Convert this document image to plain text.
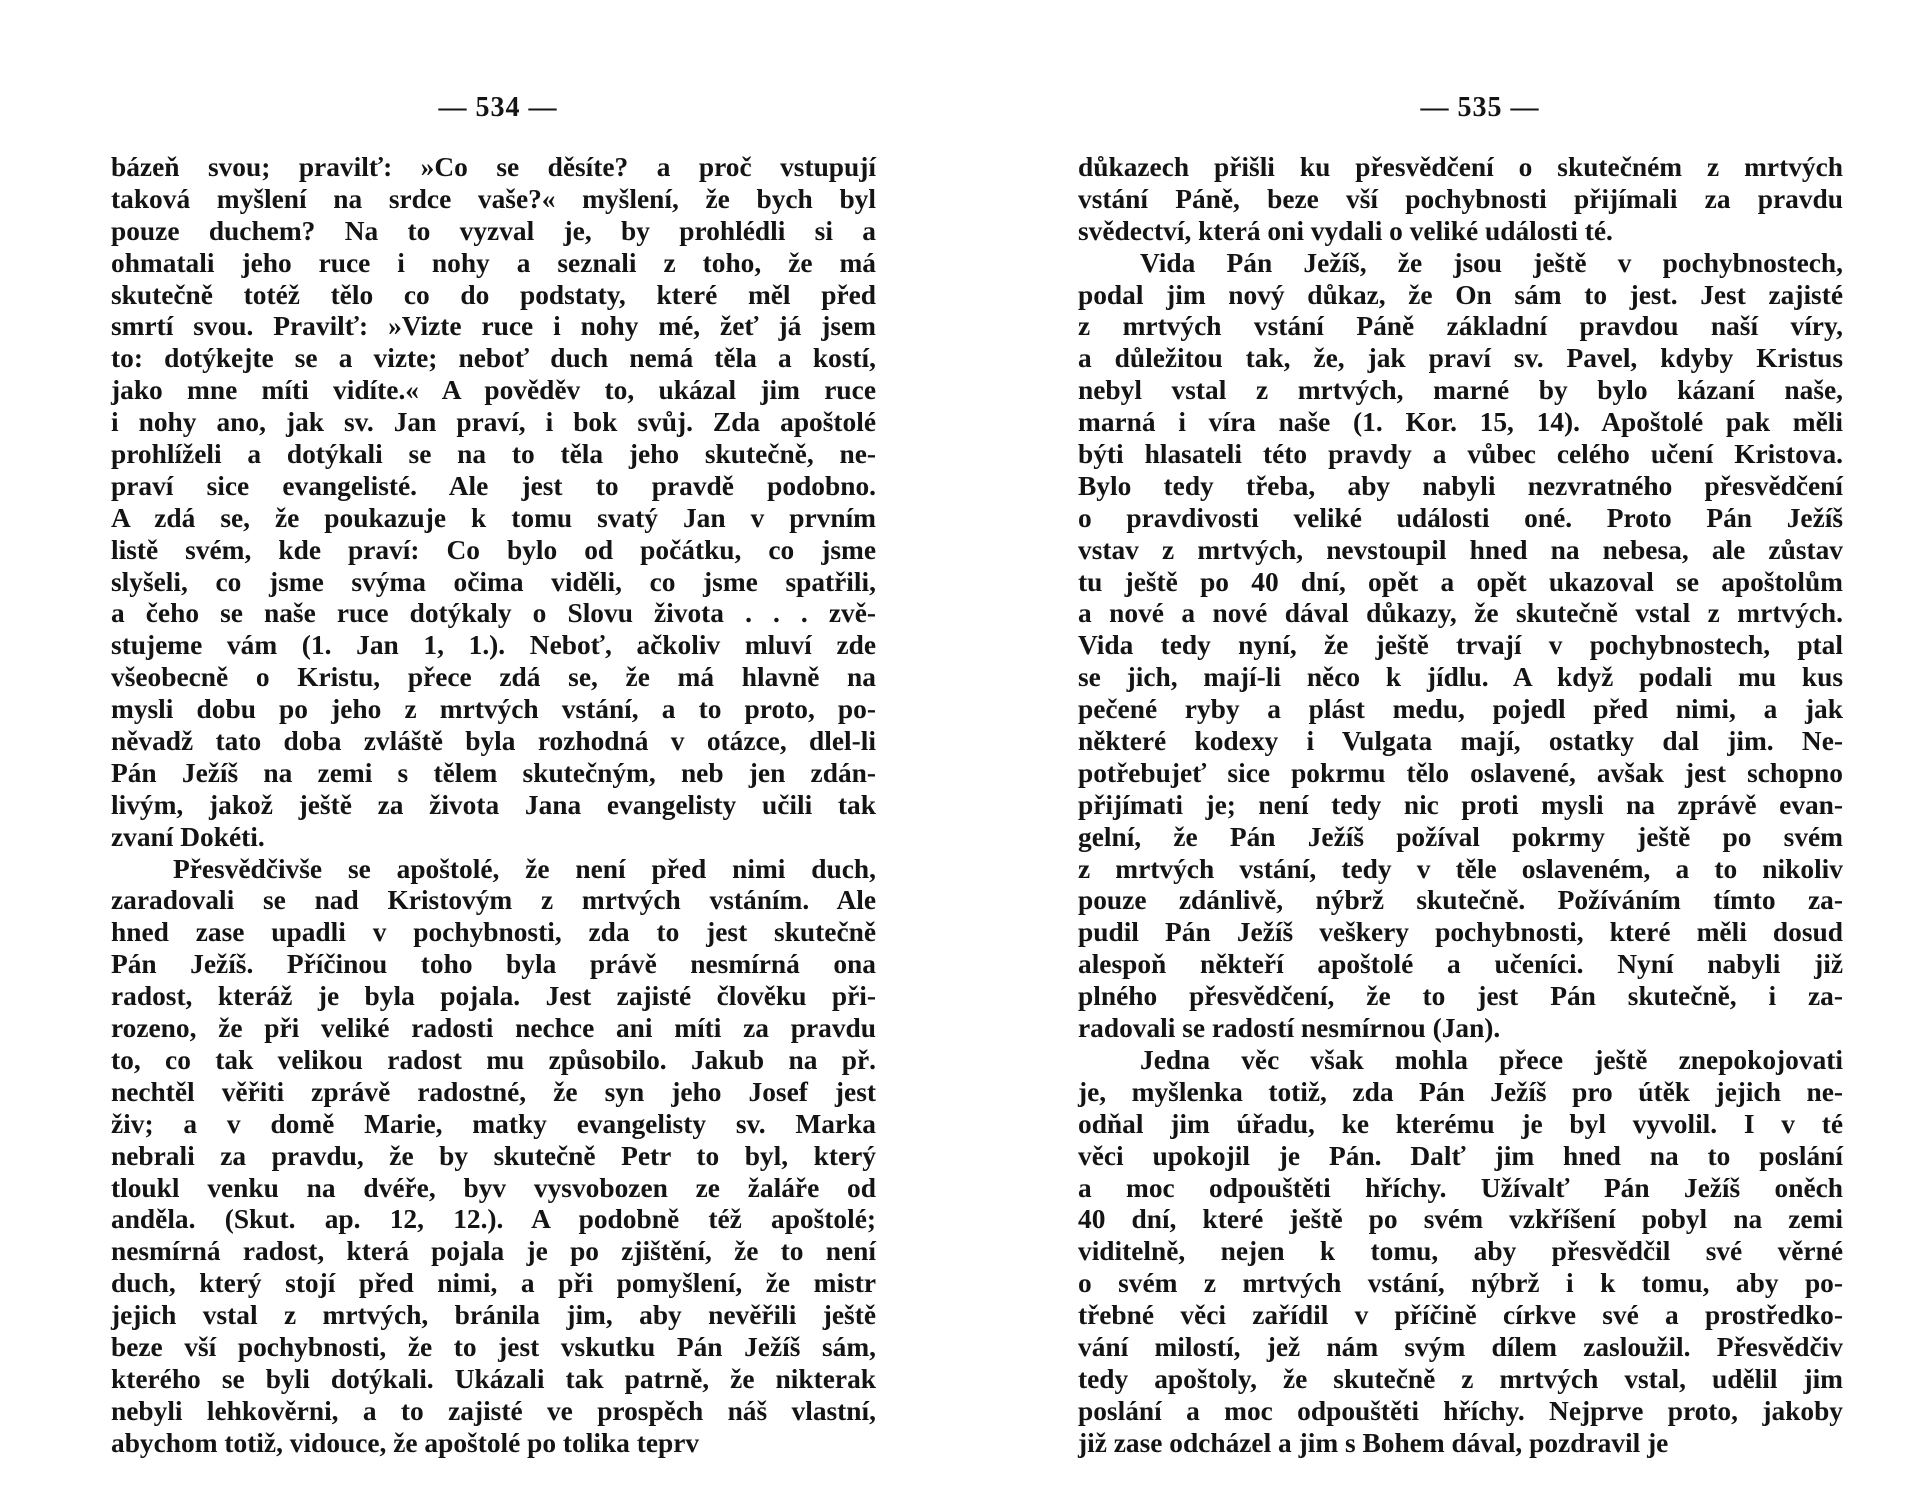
— 534 —
bázeň svou; pravilť: »Co se děsíte? a proč vstupují
taková myšlení na srdce vaše?« myšlení, že bych byl
pouze duchem? Na to vyzval je, by prohlédli si a
ohmatali jeho ruce i nohy a seznali z toho, že má
skutečně totéž tělo co do podstaty, které měl před
smrtí svou. Pravilť: »Vizte ruce i nohy mé, žeť já jsem
to: dotýkejte se a vizte; neboť duch nemá těla a kostí,
jako mne míti vidíte.« A pověděv to, ukázal jim ruce
i nohy ano, jak sv. Jan praví, i bok svůj. Zda apoštolé
prohlíželi a dotýkali se na to těla jeho skutečně, ne-
praví sice evangelisté. Ale jest to pravdě podobno.
A zdá se, že poukazuje k tomu svatý Jan v prvním
listě svém, kde praví: Co bylo od počátku, co jsme
slyšeli, co jsme svýma očima viděli, co jsme spatřili,
a čeho se naše ruce dotýkaly o Slovu života . . . zvě-
stujeme vám (1. Jan 1, 1.). Neboť, ačkoliv mluví zde
všeobecně o Kristu, přece zdá se, že má hlavně na
mysli dobu po jeho z mrtvých vstání, a to proto, po-
něvadž tato doba zvláště byla rozhodná v otázce, dlel-li
Pán Ježíš na zemi s tělem skutečným, neb jen zdán-
livým, jakož ještě za života Jana evangelisty učili tak
zvaní Dokéti.
Přesvědčivše se apoštolé, že není před nimi duch,
zaradovali se nad Kristovým z mrtvých vstáním. Ale
hned zase upadli v pochybnosti, zda to jest skutečně
Pán Ježíš. Příčinou toho byla právě nesmírná ona
radost, kteráž je byla pojala. Jest zajisté člověku při-
rozeno, že při veliké radosti nechce ani míti za pravdu
to, co tak velikou radost mu způsobilo. Jakub na př.
nechtěl věřiti zprávě radostné, že syn jeho Josef jest
živ; a v domě Marie, matky evangelisty sv. Marka
nebrali za pravdu, že by skutečně Petr to byl, který
tloukl venku na dvéře, byv vysvobozen ze žaláře od
anděla. (Skut. ap. 12, 12.). A podobně též apoštolé;
nesmírná radost, která pojala je po zjištění, že to není
duch, který stojí před nimi, a při pomyšlení, že mistr
jejich vstal z mrtvých, bránila jim, aby nevěřili ještě
beze vší pochybnosti, že to jest vskutku Pán Ježíš sám,
kterého se byli dotýkali. Ukázali tak patrně, že nikterak
nebyli lehkověrni, a to zajisté ve prospěch náš vlastní,
abychom totiž, vidouce, že apoštolé po tolika teprv
— 535 —
důkazech přišli ku přesvědčení o skutečném z mrtvých
vstání Páně, beze vší pochybnosti přijímali za pravdu
svědectví, která oni vydali o veliké události té.
Vida Pán Ježíš, že jsou ještě v pochybnostech,
podal jim nový důkaz, že On sám to jest. Jest zajisté
z mrtvých vstání Páně základní pravdou naší víry,
a důležitou tak, že, jak praví sv. Pavel, kdyby Kristus
nebyl vstal z mrtvých, marné by bylo kázaní naše,
marná i víra naše (1. Kor. 15, 14). Apoštolé pak měli
býti hlasateli této pravdy a vůbec celého učení Kristova.
Bylo tedy třeba, aby nabyli nezvratného přesvědčení
o pravdivosti veliké události oné. Proto Pán Ježíš
vstav z mrtvých, nevstoupil hned na nebesa, ale zůstav
tu ještě po 40 dní, opět a opět ukazoval se apoštolům
a nové a nové dával důkazy, že skutečně vstal z mrtvých.
Vida tedy nyní, že ještě trvají v pochybnostech, ptal
se jich, mají-li něco k jídlu. A když podali mu kus
pečené ryby a plást medu, pojedl před nimi, a jak
některé kodexy i Vulgata mají, ostatky dal jim. Ne-
potřebujeť sice pokrmu tělo oslavené, avšak jest schopno
přijímati je; není tedy nic proti mysli na zprávě evan-
gelní, že Pán Ježíš požíval pokrmy ještě po svém
z mrtvých vstání, tedy v těle oslaveném, a to nikoliv
pouze zdánlivě, nýbrž skutečně. Požíváním tímto za-
pudil Pán Ježíš veškery pochybnosti, které měli dosud
alespoň někteří apoštolé a učeníci. Nyní nabyli již
plného přesvědčení, že to jest Pán skutečně, i za-
radovali se radostí nesmírnou (Jan).
Jedna věc však mohla přece ještě znepokojovati
je, myšlenka totiž, zda Pán Ježíš pro útěk jejich ne-
odňal jim úřadu, ke kterému je byl vyvolil. I v té
věci upokojil je Pán. Dalť jim hned na to poslání
a moc odpouštěti hříchy. Užívalť Pán Ježíš oněch
40 dní, které ještě po svém vzkříšení pobyl na zemi
viditelně, nejen k tomu, aby přesvědčil své věrné
o svém z mrtvých vstání, nýbrž i k tomu, aby po-
třebné věci zařídil v příčině církve své a prostředko-
vání milostí, jež nám svým dílem zasloužil. Přesvědčiv
tedy apoštoly, že skutečně z mrtvých vstal, udělil jim
poslání a moc odpouštěti hříchy. Nejprve proto, jakoby
již zase odcházel a jim s Bohem dával, pozdravil je
